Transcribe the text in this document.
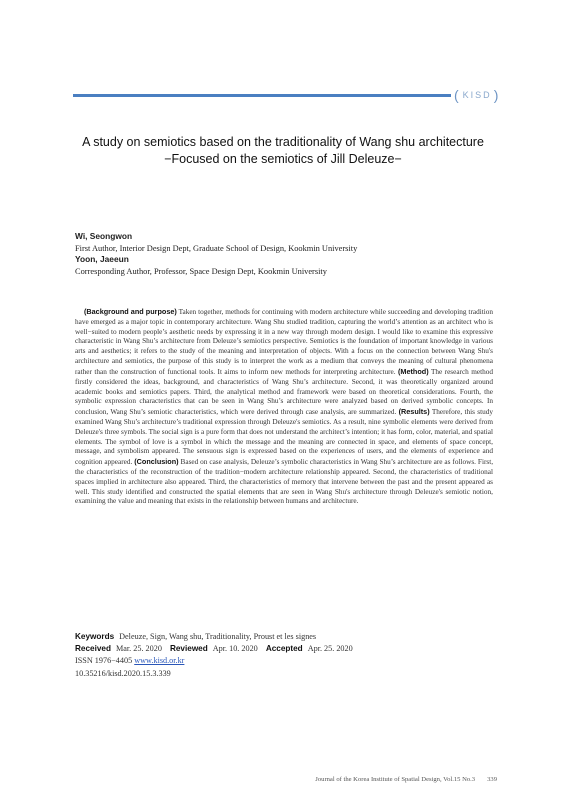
( KISD )
A study on semiotics based on the traditionality of Wang shu architecture
−Focused on the semiotics of Jill Deleuze−
Wi, Seongwon
First Author, Interior Design Dept, Graduate School of Design, Kookmin University
Yoon, Jaeeun
Corresponding Author, Professor, Space Design Dept, Kookmin University
(Background and purpose) Taken together, methods for continuing with modern architecture while succeeding and developing tradition have emerged as a major topic in contemporary architecture. Wang Shu studied tradition, capturing the world’s attention as an architect who is well−suited to modern people’s aesthetic needs by expressing it in a new way through modern design. I would like to examine this expressive characteristic in Wang Shu’s architecture from Deleuze’s semiotics perspective. Semiotics is the foundation of important knowledge in various arts and aesthetics; it refers to the study of the meaning and interpretation of objects. With a focus on the connection between Wang Shu's architecture and semiotics, the purpose of this study is to interpret the work as a medium that conveys the meaning of cultural phenomena rather than the construction of functional tools. It aims to inform new methods for interpreting architecture. (Method) The research method firstly considered the ideas, background, and characteristics of Wang Shu’s architecture. Second, it was theoretically organized around academic books and semiotics papers. Third, the analytical method and framework were based on theoretical considerations. Fourth, the symbolic expression characteristics that can be seen in Wang Shu’s architecture were analyzed based on derived symbolic concepts. In conclusion, Wang Shu’s semiotic characteristics, which were derived through case analysis, are summarized. (Results) Therefore, this study examined Wang Shu’s architecture’s traditional expression through Deleuze's semiotics. As a result, nine symbolic elements were derived from Deleuze's three symbols. The social sign is a pure form that does not understand the architect’s intention; it has form, color, material, and spatial elements. The symbol of love is a symbol in which the message and the meaning are connected in space, and elements of space concept, message, and symbolism appeared. The sensuous sign is expressed based on the experiences of users, and the elements of experience and cognition appeared. (Conclusion) Based on case analysis, Deleuze’s symbolic characteristics in Wang Shu’s architecture are as follows. First, the characteristics of the reconstruction of the tradition−modern architecture relationship appeared. Second, the characteristics of traditional spaces implied in architecture also appeared. Third, the characteristics of memory that intervene between the past and the present appeared as well. This study identified and constructed the spatial elements that are seen in Wang Shu's architecture through Deleuze's semiotic notion, examining the value and meaning that exists in the relationship between humans and architecture.
Keywords Deleuze, Sign, Wang shu, Traditionality, Proust et les signes
Received Mar. 25. 2020 Reviewed Apr. 10. 2020 Accepted Apr. 25. 2020
ISSN 1976−4405 www.kisd.or.kr
10.35216/kisd.2020.15.3.339
Journal of the Korea Institute of Spatial Design, Vol.15 No.3 339
